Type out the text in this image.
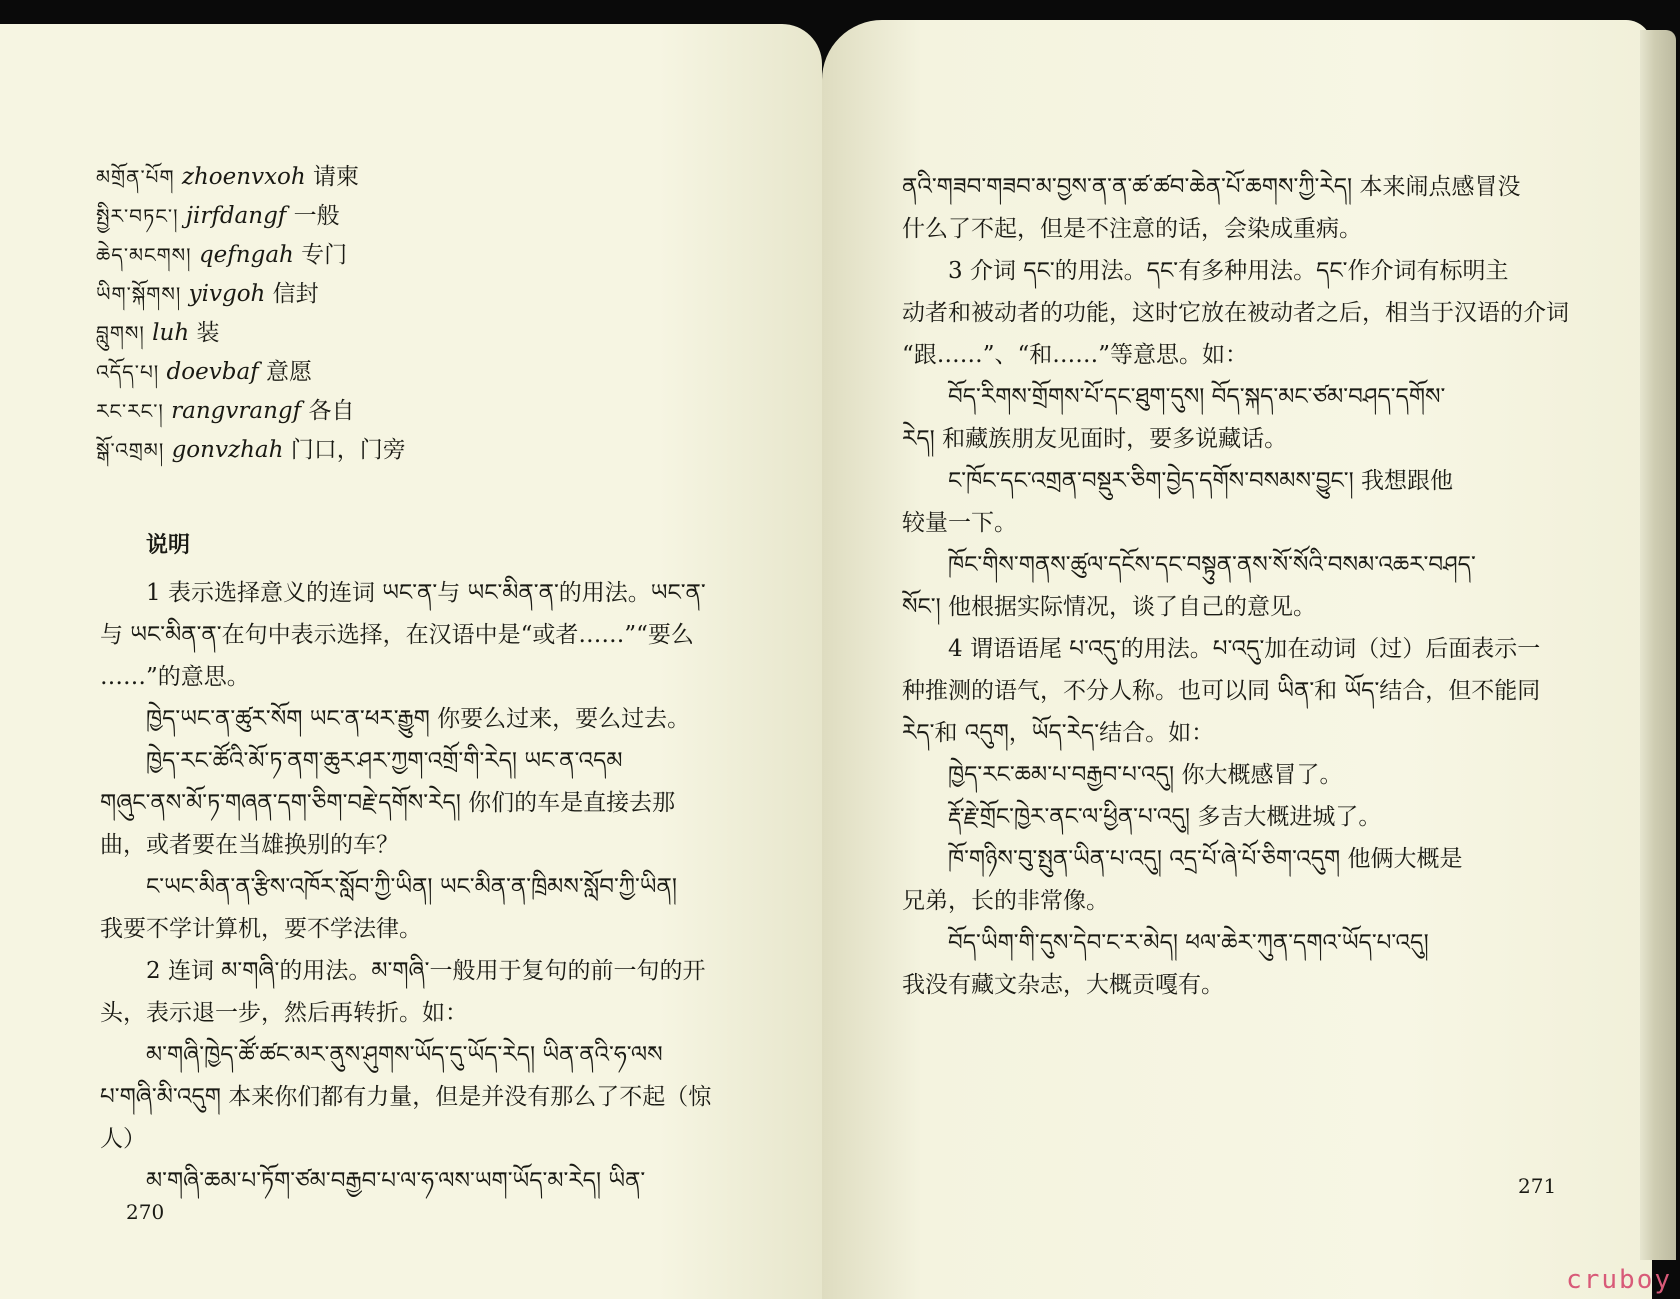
མགྲོན་པོག zhoenvxoh 请柬
སྤྱིར་བཏང་། jirfdangf 一般
ཆེད་མངགས། qefngah 专门
ཡིག་སྐོགས། yivgoh 信封
བླུགས། luh 装
འདོད་པ། doevbaf 意愿
རང་རང་། rangvrangf 各自
སྒོ་འགྲམ། gonvzhah 门口，门旁
说明
1 表示选择意义的连词 ཡང་ན་与 ཡང་མིན་ན་的用法。ཡང་ན་
与 ཡང་མིན་ན་在句中表示选择，在汉语中是“或者……”“要么
……”的意思。
ཁྱེད་ཡང་ན་ཚུར་སོག ཡང་ན་ཕར་རྒྱུག 你要么过来，要么过去。
ཁྱེད་རང་ཚོའི་མོ་ཏ་ནག་ཆུར་ཤར་ཀྱག་འགྲོ་གི་རེད། ཡང་ན་འདམ
གཞུང་ནས་མོ་ཏ་གཞན་དག་ཅིག་བརྗེ་དགོས་རེད། 你们的车是直接去那
曲，或者要在当雄换别的车？
ང་ཡང་མིན་ན་རྩིས་འཁོར་སློབ་ཀྱི་ཡིན། ཡང་མིན་ན་ཁྲིམས་སློབ་ཀྱི་ཡིན།
我要不学计算机，要不学法律。
2 连词 མ་གཞི་的用法。མ་གཞི་一般用于复句的前一句的开
头，表示退一步，然后再转折。如：
མ་གཞི་ཁྱེད་ཚོ་ཚང་མར་ནུས་ཤུགས་ཡོད་དུ་ཡོད་རེད། ཡིན་ནའི་ཧ་ལས
པ་གཞི་མི་འདུག 本来你们都有力量，但是并没有那么了不起（惊
人）
མ་གཞི་ཆམ་པ་ཏོག་ཙམ་བརྒྱབ་པ་ལ་ཧ་ལས་ཡག་ཡོད་མ་རེད། ཡིན་
270
ནའི་གཟབ་གཟབ་མ་བྱས་ན་ན་ཚ་ཚབ་ཆེན་པོ་ཆགས་ཀྱི་རེད། 本来闹点感冒没
什么了不起，但是不注意的话，会染成重病。
3 介词 དང་的用法。དང་有多种用法。དང་作介词有标明主
动者和被动者的功能，这时它放在被动者之后，相当于汉语的介词
“跟……”、“和……”等意思。如：
བོད་རིགས་གྲོགས་པོ་དང་ཐུག་དུས། བོད་སྐད་མང་ཙམ་བཤད་དགོས་
རེད། 和藏族朋友见面时，要多说藏话。
ང་ཁོང་དང་འགྲན་བསྡུར་ཅིག་བྱེད་དགོས་བསམས་བྱུང་། 我想跟他
较量一下。
ཁོང་གིས་གནས་ཚུལ་དངོས་དང་བསྟུན་ནས་སོ་སོའི་བསམ་འཆར་བཤད་
སོང་། 他根据实际情况，谈了自己的意见。
4 谓语语尾 པ་འདུ་的用法。པ་འདུ་加在动词（过）后面表示一
种推测的语气，不分人称。也可以同 ཡིན་和 ཡོད་结合，但不能同
རེད་和 འདུག，ཡོད་རེད་结合。如：
ཁྱེད་རང་ཆམ་པ་བརྒྱབ་པ་འདུ། 你大概感冒了。
རྡོ་རྗེ་གྲོང་ཁྱེར་ནང་ལ་ཕྱིན་པ་འདུ། 多吉大概进城了。
ཁོ་གཉིས་བུ་སྤུན་ཡིན་པ་འདུ། འདྲ་པོ་ཞེ་པོ་ཅིག་འདུག 他俩大概是
兄弟，长的非常像。
བོད་ཡིག་གི་དུས་དེབ་ང་ར་མེད། ཕལ་ཆེར་ཀུན་དགའ་ཡོད་པ་འདུ།
我没有藏文杂志，大概贡嘎有。
271
cruboy
